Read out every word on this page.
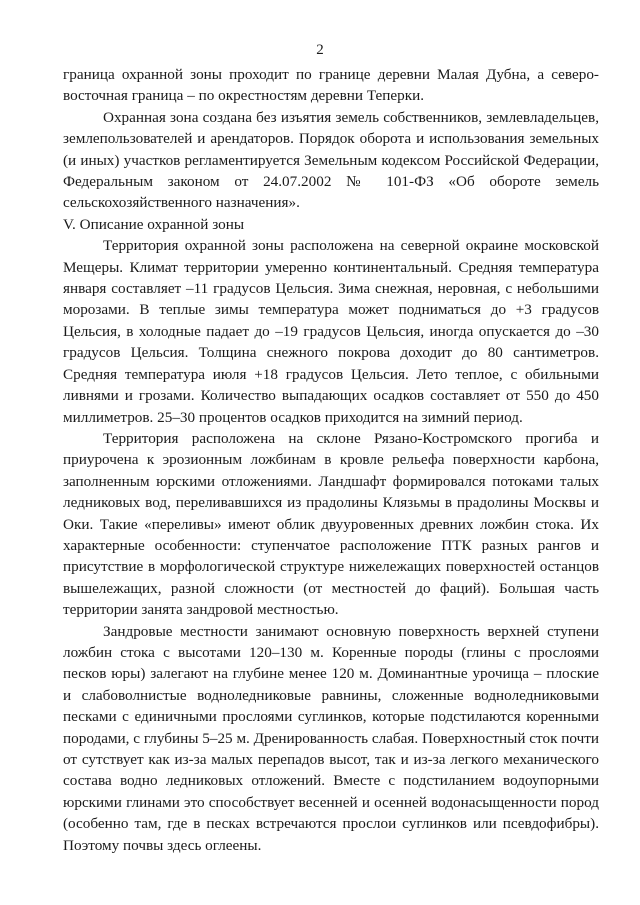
2

граница охранной зоны проходит по границе деревни Малая Дубна, а северо-восточная граница – по окрестностям деревни Теперки.

Охранная зона создана без изъятия земель собственников, землевладельцев, землепользователей и арендаторов. Порядок оборота и использования земельных (и иных) участков регламентируется Земельным кодексом Российской Федерации, Федеральным законом от 24.07.2002 № 101-ФЗ «Об обороте земель сельскохозяйственного назначения».

V. Описание охранной зоны

Территория охранной зоны расположена на северной окраине московской Мещеры. Климат территории умеренно континентальный. Средняя температура января составляет –11 градусов Цельсия. Зима снежная, неровная, с небольшими морозами. В теплые зимы температура может подниматься до +3 градусов Цельсия, в холодные падает до –19 градусов Цельсия, иногда опускается до –30 градусов Цельсия. Толщина снежного покрова доходит до 80 сантиметров. Средняя температура июля +18 градусов Цельсия. Лето теплое, с обильными ливнями и грозами. Количество выпадающих осадков составляет от 550 до 450 миллиметров. 25–30 процентов осадков приходится на зимний период.

Территория расположена на склоне Рязано-Костромского прогиба и приурочена к эрозионным ложбинам в кровле рельефа поверхности карбона, заполненным юрскими отложениями. Ландшафт формировался потоками талых ледниковых вод, переливавшихся из прадолины Клязьмы в прадолины Москвы и Оки. Такие «переливы» имеют облик двууровенных древних ложбин стока. Их характерные особенности: ступенчатое расположение ПТК разных рангов и присутствие в морфологической структуре нижележащих поверхностей останцов вышележащих, разной сложности (от местностей до фаций). Большая часть территории занята зандровой местностью.

Зандровые местности занимают основную поверхность верхней ступени ложбин стока с высотами 120–130 м. Коренные породы (глины с прослоями песков юры) залегают на глубине менее 120 м. Доминантные урочища – плоские и слабоволнистые водноледниковые равнины, сложенные водноледниковыми песками с единичными прослоями суглинков, которые подстилаются коренными породами, с глубины 5–25 м. Дренированность слабая. Поверхностный сток почти от сутствует как из-за малых перепадов высот, так и из-за легкого механического состава водно ледниковых отложений. Вместе с подстиланием водоупорными юрскими глинами это способствует весенней и осенней водонасыщенности пород (особенно там, где в песках встречаются прослои суглинков или псевдофибры). Поэтому почвы здесь оглеены.
